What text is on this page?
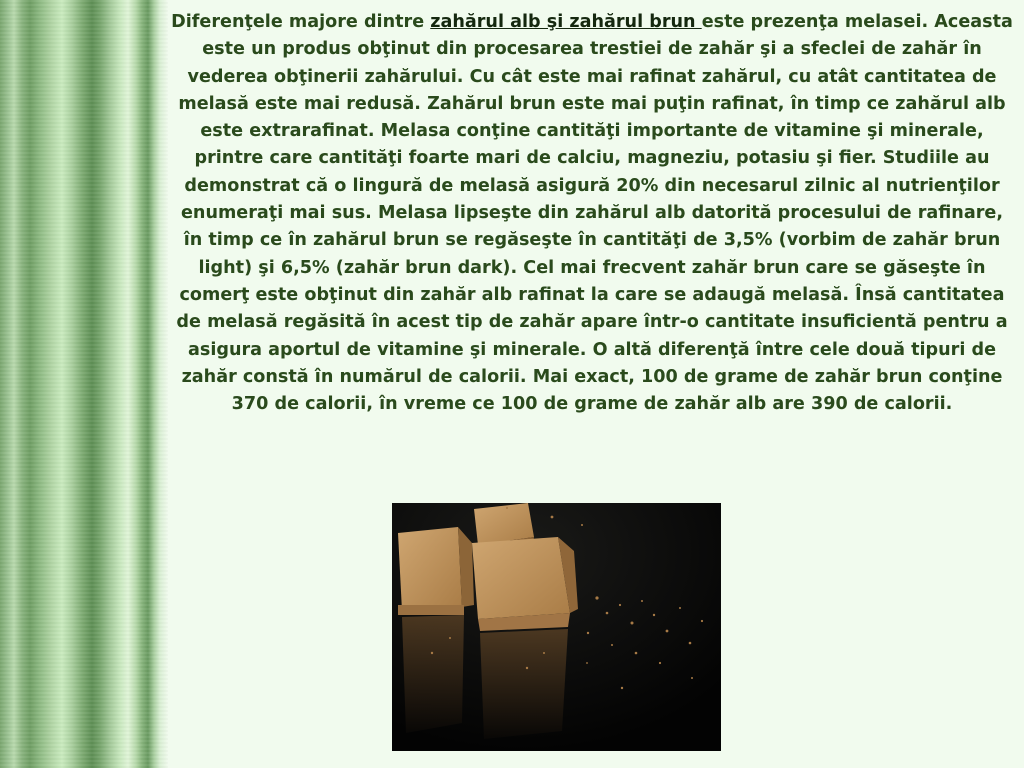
Diferenţele majore dintre zahărul alb şi zahărul brun este prezenţa melasei. Aceasta este un produs obţinut din procesarea trestiei de zahăr şi a sfeclei de zahăr în vederea obţinerii zahărului. Cu cât este mai rafinat zahărul, cu atât cantitatea de melasă este mai redusă. Zahărul brun este mai puţin rafinat, în timp ce zahărul alb este extrarafinat. Melasa conţine cantităţi importante de vitamine şi minerale, printre care cantităţi foarte mari de calciu, magneziu, potasiu şi fier. Studiile au demonstrat că o lingură de melasă asigură 20% din necesarul zilnic al nutrienţilor enumeraţi mai sus. Melasa lipseşte din zahărul alb datorită procesului de rafinare, în timp ce în zahărul brun se regăseşte în cantităţi de 3,5% (vorbim de zahăr brun light) şi 6,5% (zahăr brun dark). Cel mai frecvent zahăr brun care se găseşte în comerţ este obţinut din zahăr alb rafinat la care se adaugă melasă. Însă cantitatea de melasă regăsită în acest tip de zahăr apare într-o cantitate insuficientă pentru a asigura aportul de vitamine şi minerale. O altă diferenţă între cele două tipuri de zahăr constă în numărul de calorii. Mai exact, 100 de grame de zahăr brun conţine 370 de calorii, în vreme ce 100 de grame de zahăr alb are 390 de calorii.
